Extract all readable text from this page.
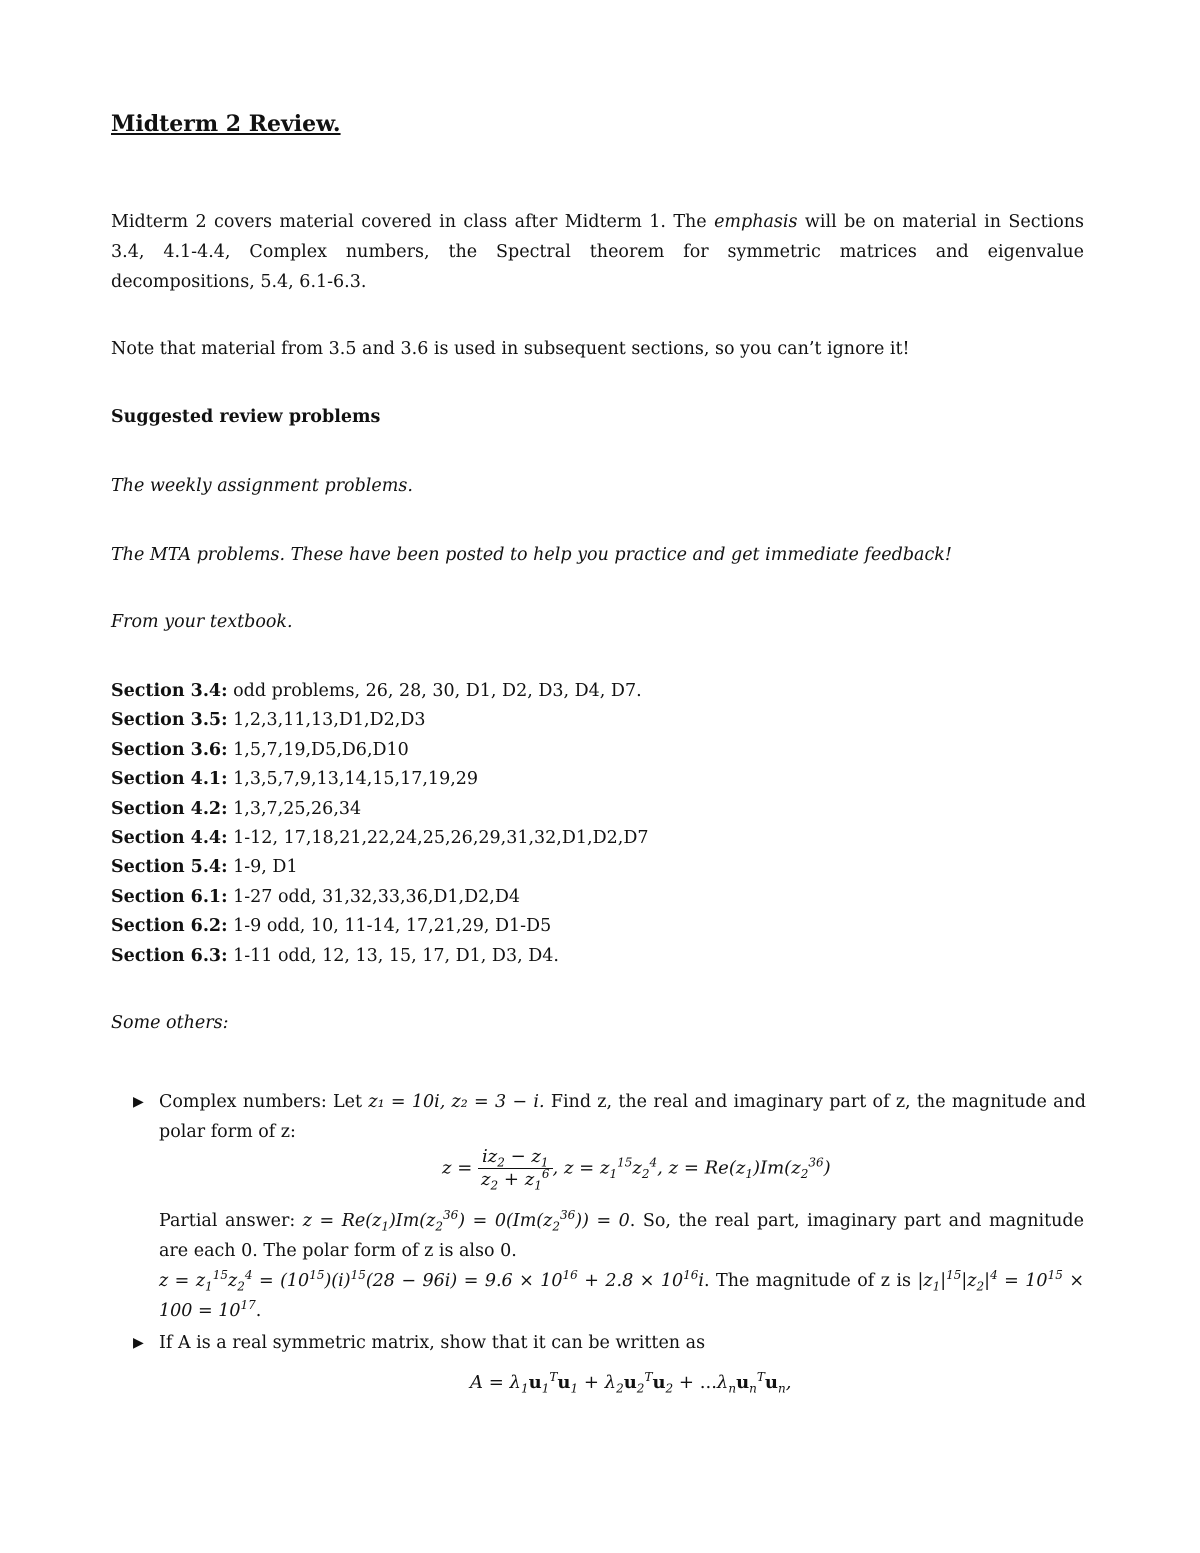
Midterm 2 Review.
Midterm 2 covers material covered in class after Midterm 1. The emphasis will be on material in Sections 3.4, 4.1-4.4, Complex numbers, the Spectral theorem for symmetric matrices and eigenvalue decompositions, 5.4, 6.1-6.3.
Note that material from 3.5 and 3.6 is used in subsequent sections, so you can’t ignore it!
Suggested review problems
The weekly assignment problems.
The MTA problems. These have been posted to help you practice and get immediate feedback!
From your textbook.
Section 3.4: odd problems, 26, 28, 30, D1, D2, D3, D4, D7.
Section 3.5: 1,2,3,11,13,D1,D2,D3
Section 3.6: 1,5,7,19,D5,D6,D10
Section 4.1: 1,3,5,7,9,13,14,15,17,19,29
Section 4.2: 1,3,7,25,26,34
Section 4.4: 1-12, 17,18,21,22,24,25,26,29,31,32,D1,D2,D7
Section 5.4: 1-9, D1
Section 6.1: 1-27 odd, 31,32,33,36,D1,D2,D4
Section 6.2: 1-9 odd, 10, 11-14, 17,21,29, D1-D5
Section 6.3: 1-11 odd, 12, 13, 15, 17, D1, D3, D4.
Some others:
▶ Complex numbers: Let z₁ = 10i, z₂ = 3 − i. Find z, the real and imaginary part of z, the magnitude and polar form of z:
$z = \frac{iz_2 - z_1}{z_2 + z_1^6}$ , $z = z_1^{15}z_2^4$, $z = Re(z_1)Im(z_2^{36})$
Partial answer: $z = Re(z_1)Im(z_2^{36}) = 0(Im(z_2^{36})) = 0$. So, the real part, imaginary part and magnitude are each 0. The polar form of z is also 0.
$z = z_1^{15}z_2^4 = (10^{15})(i)^{15}(28 - 96i) = 9.6 \times 10^{16} + 2.8 \times 10^{16}i$. The magnitude of z is $|z_1|^{15}|z_2|^4 = 10^{15} \times 100 = 10^{17}$.
▶ If A is a real symmetric matrix, show that it can be written as
$A = \lambda_1u_1^Tu_1 + \lambda_2u_2^Tu_2 + ...\lambda_nu_n^Tu_n$,
